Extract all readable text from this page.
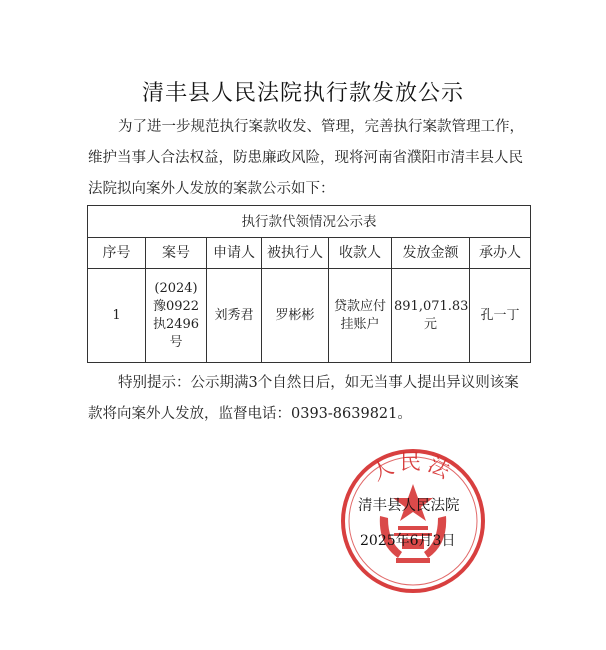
清丰县人民法院执行款发放公示
为了进一步规范执行案款收发、管理，完善执行案款管理工作，
维护当事人合法权益，防患廉政风险，现将河南省濮阳市清丰县人民
法院拟向案外人发放的案款公示如下：
执行款代领情况公示表						
序号	案号	申请人	被执行人	收款人	发放金额	承办人
1	(2024)豫0922执2496号	刘秀君	罗彬彬	贷款应付挂账户	891,071.83元	孔一丁
特别提示：公示期满3个自然日后，如无当事人提出异议则该案
款将向案外人发放，监督电话：0393-8639821。
人民法
清丰县人民法院
2025年6月3日
